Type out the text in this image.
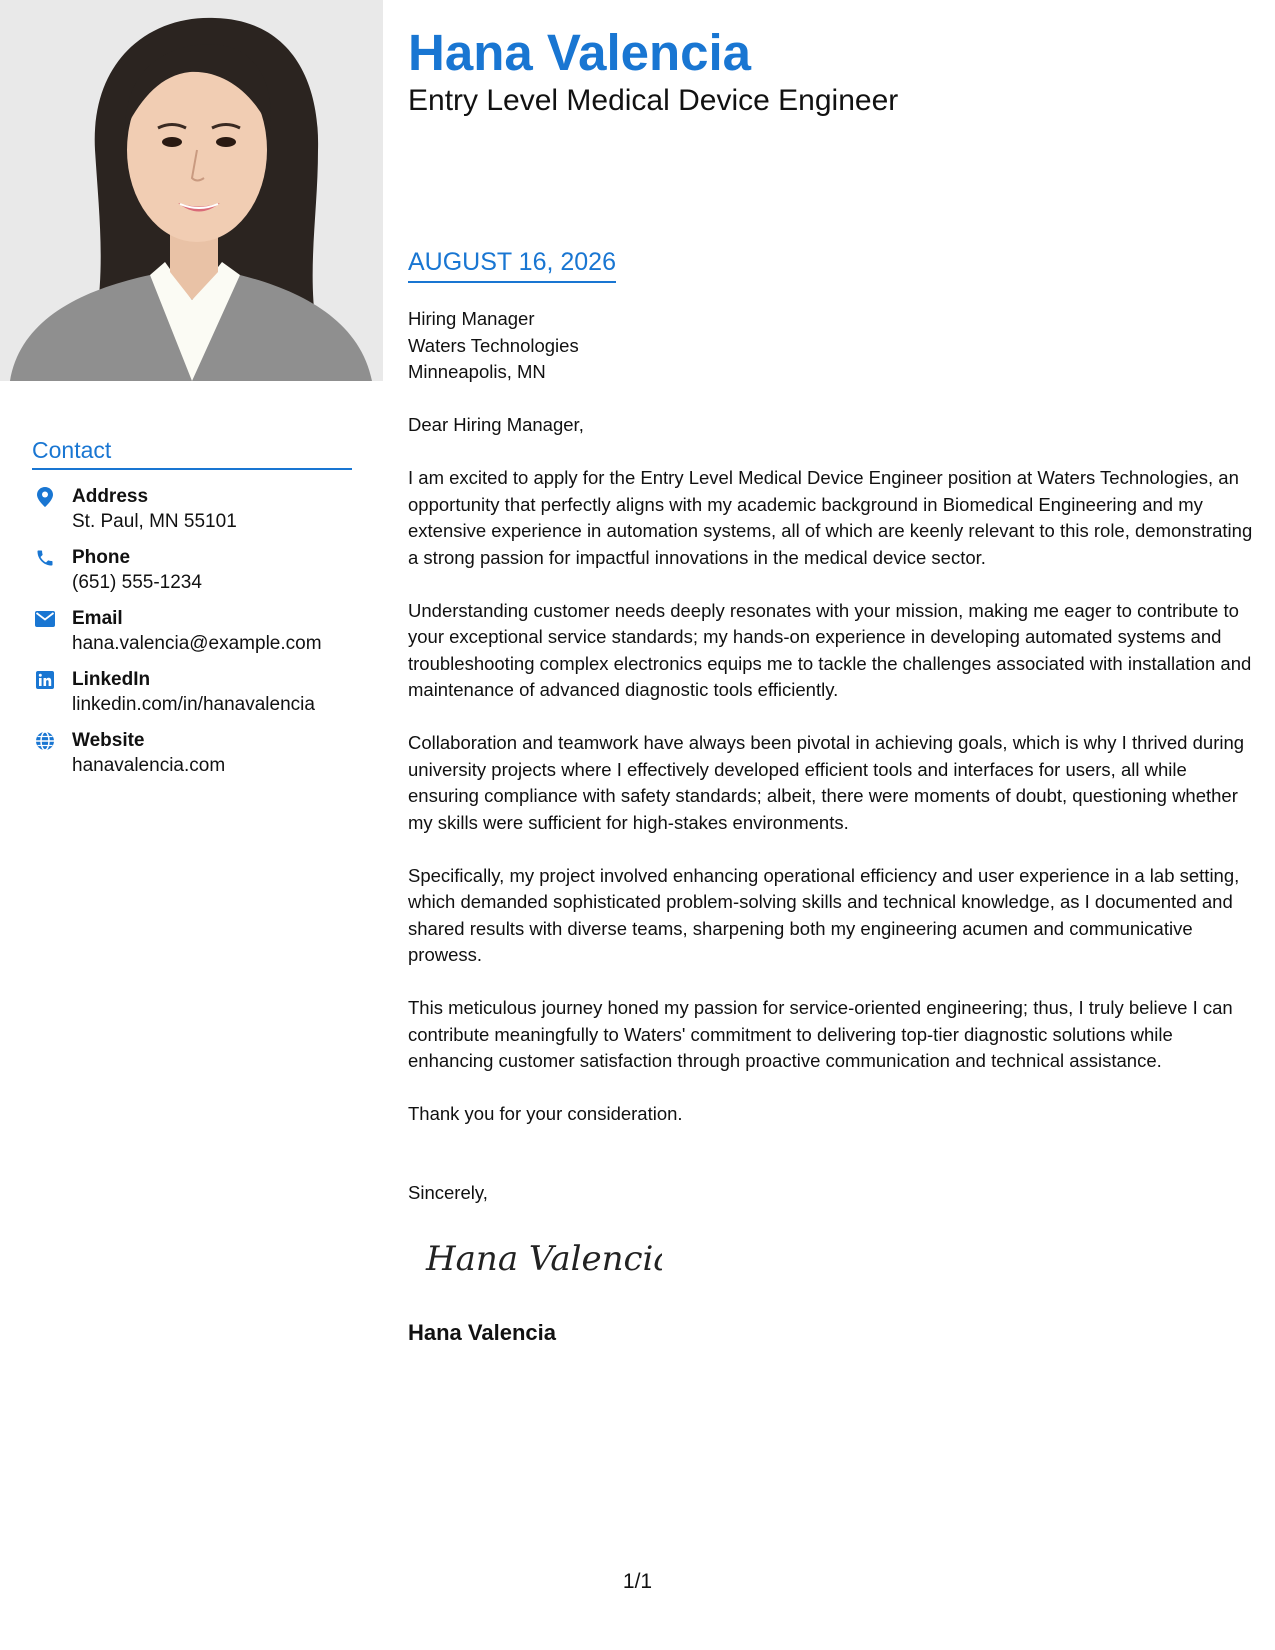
Contact
Address
St. Paul, MN 55101
Phone
(651) 555-1234
Email
hana.valencia@example.com
LinkedIn
linkedin.com/in/hanavalencia
Website
hanavalencia.com
Hana Valencia
Entry Level Medical Device Engineer
AUGUST 16, 2026
Hiring Manager
Waters Technologies
Minneapolis, MN

Dear Hiring Manager,

I am excited to apply for the Entry Level Medical Device Engineer position at Waters Technologies, an opportunity that perfectly aligns with my academic background in Biomedical Engineering and my extensive experience in automation systems, all of which are keenly relevant to this role, demonstrating a strong passion for impactful innovations in the medical device sector.

Understanding customer needs deeply resonates with your mission, making me eager to contribute to your exceptional service standards; my hands-on experience in developing automated systems and troubleshooting complex electronics equips me to tackle the challenges associated with installation and maintenance of advanced diagnostic tools efficiently.

Collaboration and teamwork have always been pivotal in achieving goals, which is why I thrived during university projects where I effectively developed efficient tools and interfaces for users, all while ensuring compliance with safety standards; albeit, there were moments of doubt, questioning whether my skills were sufficient for high-stakes environments.

Specifically, my project involved enhancing operational efficiency and user experience in a lab setting, which demanded sophisticated problem-solving skills and technical knowledge, as I documented and shared results with diverse teams, sharpening both my engineering acumen and communicative prowess.

This meticulous journey honed my passion for service-oriented engineering; thus, I truly believe I can contribute meaningfully to Waters' commitment to delivering top-tier diagnostic solutions while enhancing customer satisfaction through proactive communication and technical assistance.

Thank you for your consideration.

Sincerely,
Hana Valencia
Hana Valencia
1/1
